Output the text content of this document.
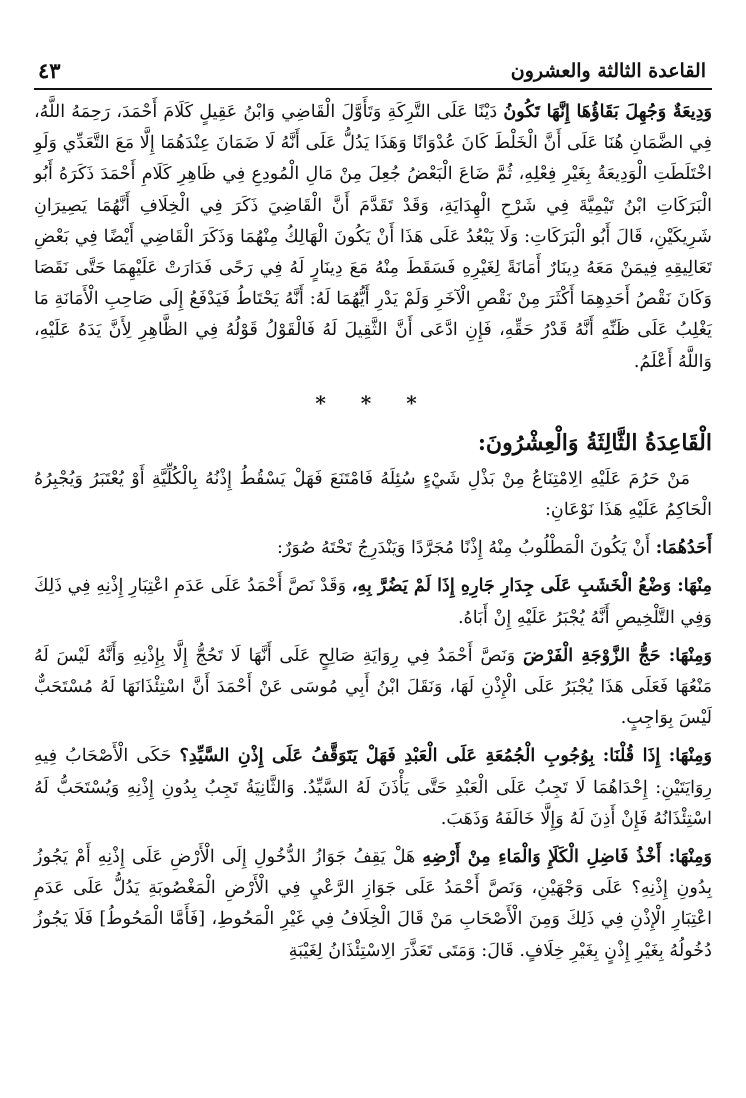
القاعدة الثالثة والعشرون
٤٣

وَدِيعَةٌ وَجُهِلَ بَقَاؤُهَا إِنَّهَا تَكُونُ دَيْنًا عَلَى التَّرِكَةِ وَتَأَوَّلَ الْقَاضِي وَابْنُ عَقِيلٍ كَلَامَ أَحْمَدَ، رَحِمَهُ اللَّهُ، فِي الضَّمَانِ هُنَا عَلَى أَنَّ الْخَلْطَ كَانَ عُدْوَانًا وَهَذَا يَدُلُّ عَلَى أَنَّهُ لَا ضَمَانَ عِنْدَهُمَا إِلَّا مَعَ التَّعَدِّي وَلَوِ اخْتَلَطَتِ الْوَدِيعَةُ بِغَيْرِ فِعْلِهِ، ثُمَّ ضَاعَ الْبَعْضُ جُعِلَ مِنْ مَالِ الْمُودِعِ فِي ظَاهِرِ كَلَامِ أَحْمَدَ ذَكَرَهُ أَبُو الْبَرَكَاتِ ابْنُ تَيْمِيَّةَ فِي شَرْحِ الْهِدَايَةِ، وَقَدْ تَقَدَّمَ أَنَّ الْقَاضِيَ ذَكَرَ فِي الْخِلَافِ أَنَّهُمَا يَصِيرَانِ شَرِيكَيْنِ، قَالَ أَبُو الْبَرَكَاتِ: وَلَا يَبْعُدُ عَلَى هَذَا أَنْ يَكُونَ الْهَالِكُ مِنْهُمَا وَذَكَرَ الْقَاضِي أَيْضًا فِي بَعْضِ تَعَالِيقِهِ فِيمَنْ مَعَهُ دِينَارٌ أَمَانَةً لِغَيْرِهِ فَسَقَطَ مِنْهُ مَعَ دِينَارٍ لَهُ فِي رَحًى فَدَارَتْ عَلَيْهِمَا حَتَّى نَقَصَا وَكَانَ نَقْصُ أَحَدِهِمَا أَكْثَرَ مِنْ نَقْصِ الْآخَرِ وَلَمْ يَدْرِ أَيُّهُمَا لَهُ: أَنَّهُ يَحْتَاطُ فَيَدْفَعُ إِلَى صَاحِبِ الْأَمَانَةِ مَا يَغْلِبُ عَلَى ظَنِّهِ أَنَّهُ قَدْرُ حَقِّهِ، فَإِنِ ادَّعَى أَنَّ الثَّقِيلَ لَهُ فَالْقَوْلُ قَوْلُهُ فِي الظَّاهِرِ لِأَنَّ يَدَهُ عَلَيْهِ، وَاللَّهُ أَعْلَمُ.

* * *
الْقَاعِدَةُ الثَّالِثَةُ وَالْعِشْرُونَ:

مَنْ حَرُمَ عَلَيْهِ الِامْتِنَاعُ مِنْ بَذْلِ شَيْءٍ سُئِلَهُ فَامْتَنَعَ فَهَلْ يَسْقُطُ إِذْنُهُ بِالْكُلِّيَّةِ أَوْ يُعْتَبَرُ وَيُجْبِرُهُ الْحَاكِمُ عَلَيْهِ هَذَا نَوْعَانِ:

أَحَدُهُمَا: أَنْ يَكُونَ الْمَطْلُوبُ مِنْهُ إِذْنًا مُجَرَّدًا وَيَنْدَرِجُ تَحْتَهُ صُوَرٌ:

مِنْهَا: وَضْعُ الْخَشَبِ عَلَى جِدَارِ جَارِهِ إِذَا لَمْ يَضُرَّ بِهِ، وَقَدْ نَصَّ أَحْمَدُ عَلَى عَدَمِ اعْتِبَارِ إِذْنِهِ فِي ذَلِكَ وَفِي التَّلْخِيصِ أَنَّهُ يُجْبَرُ عَلَيْهِ إِنْ أَبَاهُ.

وَمِنْهَا: حَجُّ الزَّوْجَةِ الْفَرْضَ وَنَصَّ أَحْمَدُ فِي رِوَايَةِ صَالِحٍ عَلَى أَنَّهَا لَا تَحُجُّ إِلَّا بِإِذْنِهِ وَأَنَّهُ لَيْسَ لَهُ مَنْعُهَا فَعَلَى هَذَا يُجْبَرُ عَلَى الْإِذْنِ لَهَا، وَنَقَلَ ابْنُ أَبِي مُوسَى عَنْ أَحْمَدَ أَنَّ اسْتِئْذَانَهَا لَهُ مُسْتَحَبٌّ لَيْسَ بِوَاجِبٍ.

وَمِنْهَا: إِذَا قُلْنَا: بِوُجُوبِ الْجُمُعَةِ عَلَى الْعَبْدِ فَهَلْ يَتَوَقَّفُ عَلَى إِذْنِ السَّيِّدِ؟ حَكَى الْأَصْحَابُ فِيهِ رِوَايَتَيْنِ: إِحْدَاهُمَا لَا تَجِبُ عَلَى الْعَبْدِ حَتَّى يَأْذَنَ لَهُ السَّيِّدُ. وَالثَّانِيَةُ تَجِبُ بِدُونِ إِذْنِهِ وَيُسْتَحَبُّ لَهُ اسْتِئْذَانُهُ فَإِنْ أَذِنَ لَهُ وَإِلَّا خَالَفَهُ وَذَهَبَ.

وَمِنْهَا: أَخْذُ فَاضِلِ الْكَلَإِ وَالْمَاءِ مِنْ أَرْضِهِ هَلْ يَقِفُ جَوَازُ الدُّخُولِ إِلَى الْأَرْضِ عَلَى إِذْنِهِ أَمْ يَجُوزُ بِدُونِ إِذْنِهِ؟ عَلَى وَجْهَيْنِ، وَنَصَّ أَحْمَدُ عَلَى جَوَازِ الرَّعْيِ فِي الْأَرْضِ الْمَغْصُوبَةِ يَدُلُّ عَلَى عَدَمِ اعْتِبَارِ الْإِذْنِ فِي ذَلِكَ وَمِنَ الْأَصْحَابِ مَنْ قَالَ الْخِلَافُ فِي غَيْرِ الْمَحُوطِ، [فَأَمَّا الْمَحُوطُ] فَلَا يَجُوزُ دُخُولُهُ بِغَيْرِ إِذْنٍ بِغَيْرِ خِلَافٍ. قَالَ: وَمَتَى تَعَذَّرَ الِاسْتِئْذَانُ لِغَيْبَةِ
